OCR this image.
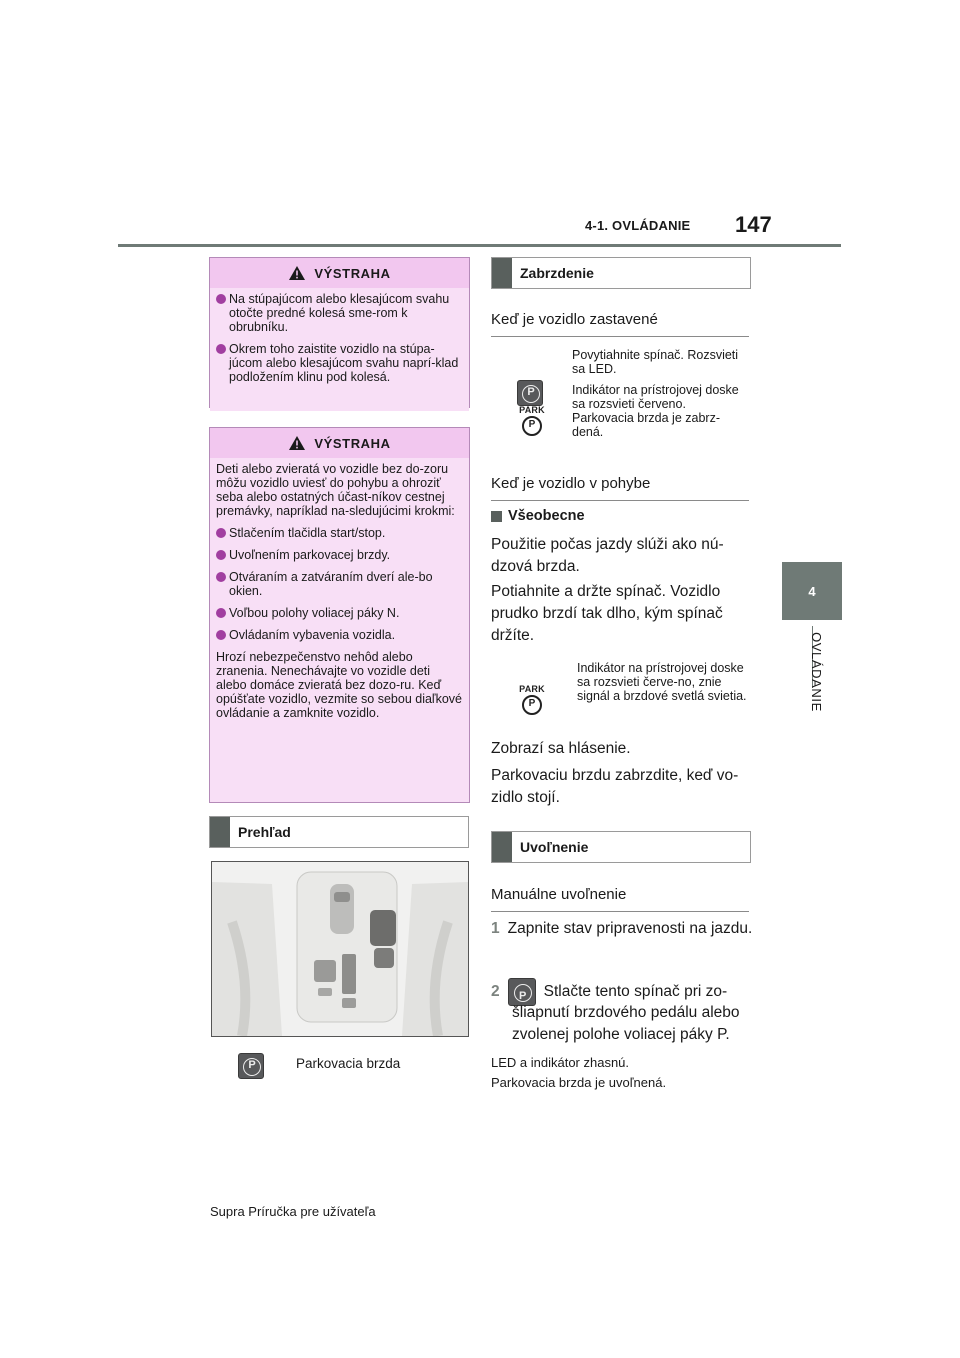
4-1. OVLÁDANIE 147
4
OVLÁDANIE
VÝSTRAHA
Na stúpajúcom alebo klesajúcom svahu otočte predné kolesá sme-rom k obrubníku.
Okrem toho zaistite vozidlo na stúpa-júcom alebo klesajúcom svahu naprí-klad podložením klinu pod kolesá.
VÝSTRAHA

Deti alebo zvieratá vo vozidle bez do-zoru môžu vozidlo uviesť do pohybu a ohroziť seba alebo ostatných účast-níkov cestnej premávky, napríklad na-sledujúcimi krokmi:

Stlačením tlačidla start/stop.
Uvoľnením parkovacej brzdy.
Otváraním a zatváraním dverí ale-bo okien.
Voľbou polohy voliacej páky N.
Ovládaním vybavenia vozidla.

Hrozí nebezpečenstvo nehôd alebo zranenia. Nenechávajte vo vozidle deti alebo domáce zvieratá bez dozo-ru. Keď opúšťate vozidlo, vezmite so sebou diaľkové ovládanie a zamknite vozidlo.

Prehľad
P	Parkovacia brzda
Zabrzdenie
Keď je vozidlo zastavené
P
PARK
P
Povytiahnite spínač. Rozsvieti sa LED.
Indikátor na prístrojovej doske sa rozsvieti červeno. Parkovacia brzda je zabrz-dená.
Keď je vozidlo v pohybe
Všeobecne
Použitie počas jazdy slúži ako nú-dzová brzda.
Potiahnite a držte spínač. Vozidlo prudko brzdí tak dlho, kým spínač držíte.
PARK
P
Indikátor na prístrojovej doske sa rozsvieti červe-no, znie signál a brzdové svetlá svietia.
Zobrazí sa hlásenie.
Parkovaciu brzdu zabrzdite, keď vo-zidlo stojí.
Uvoľnenie
Manuálne uvoľnenie
1 Zapnite stav pripravenosti na jazdu.
2	P	Stlačte tento spínač pri zo-
šliapnutí brzdového pedálu alebo zvolenej polohe voliacej páky P.
LED a indikátor zhasnú.
Parkovacia brzda je uvoľnená.
Supra Príručka pre užívateľa
